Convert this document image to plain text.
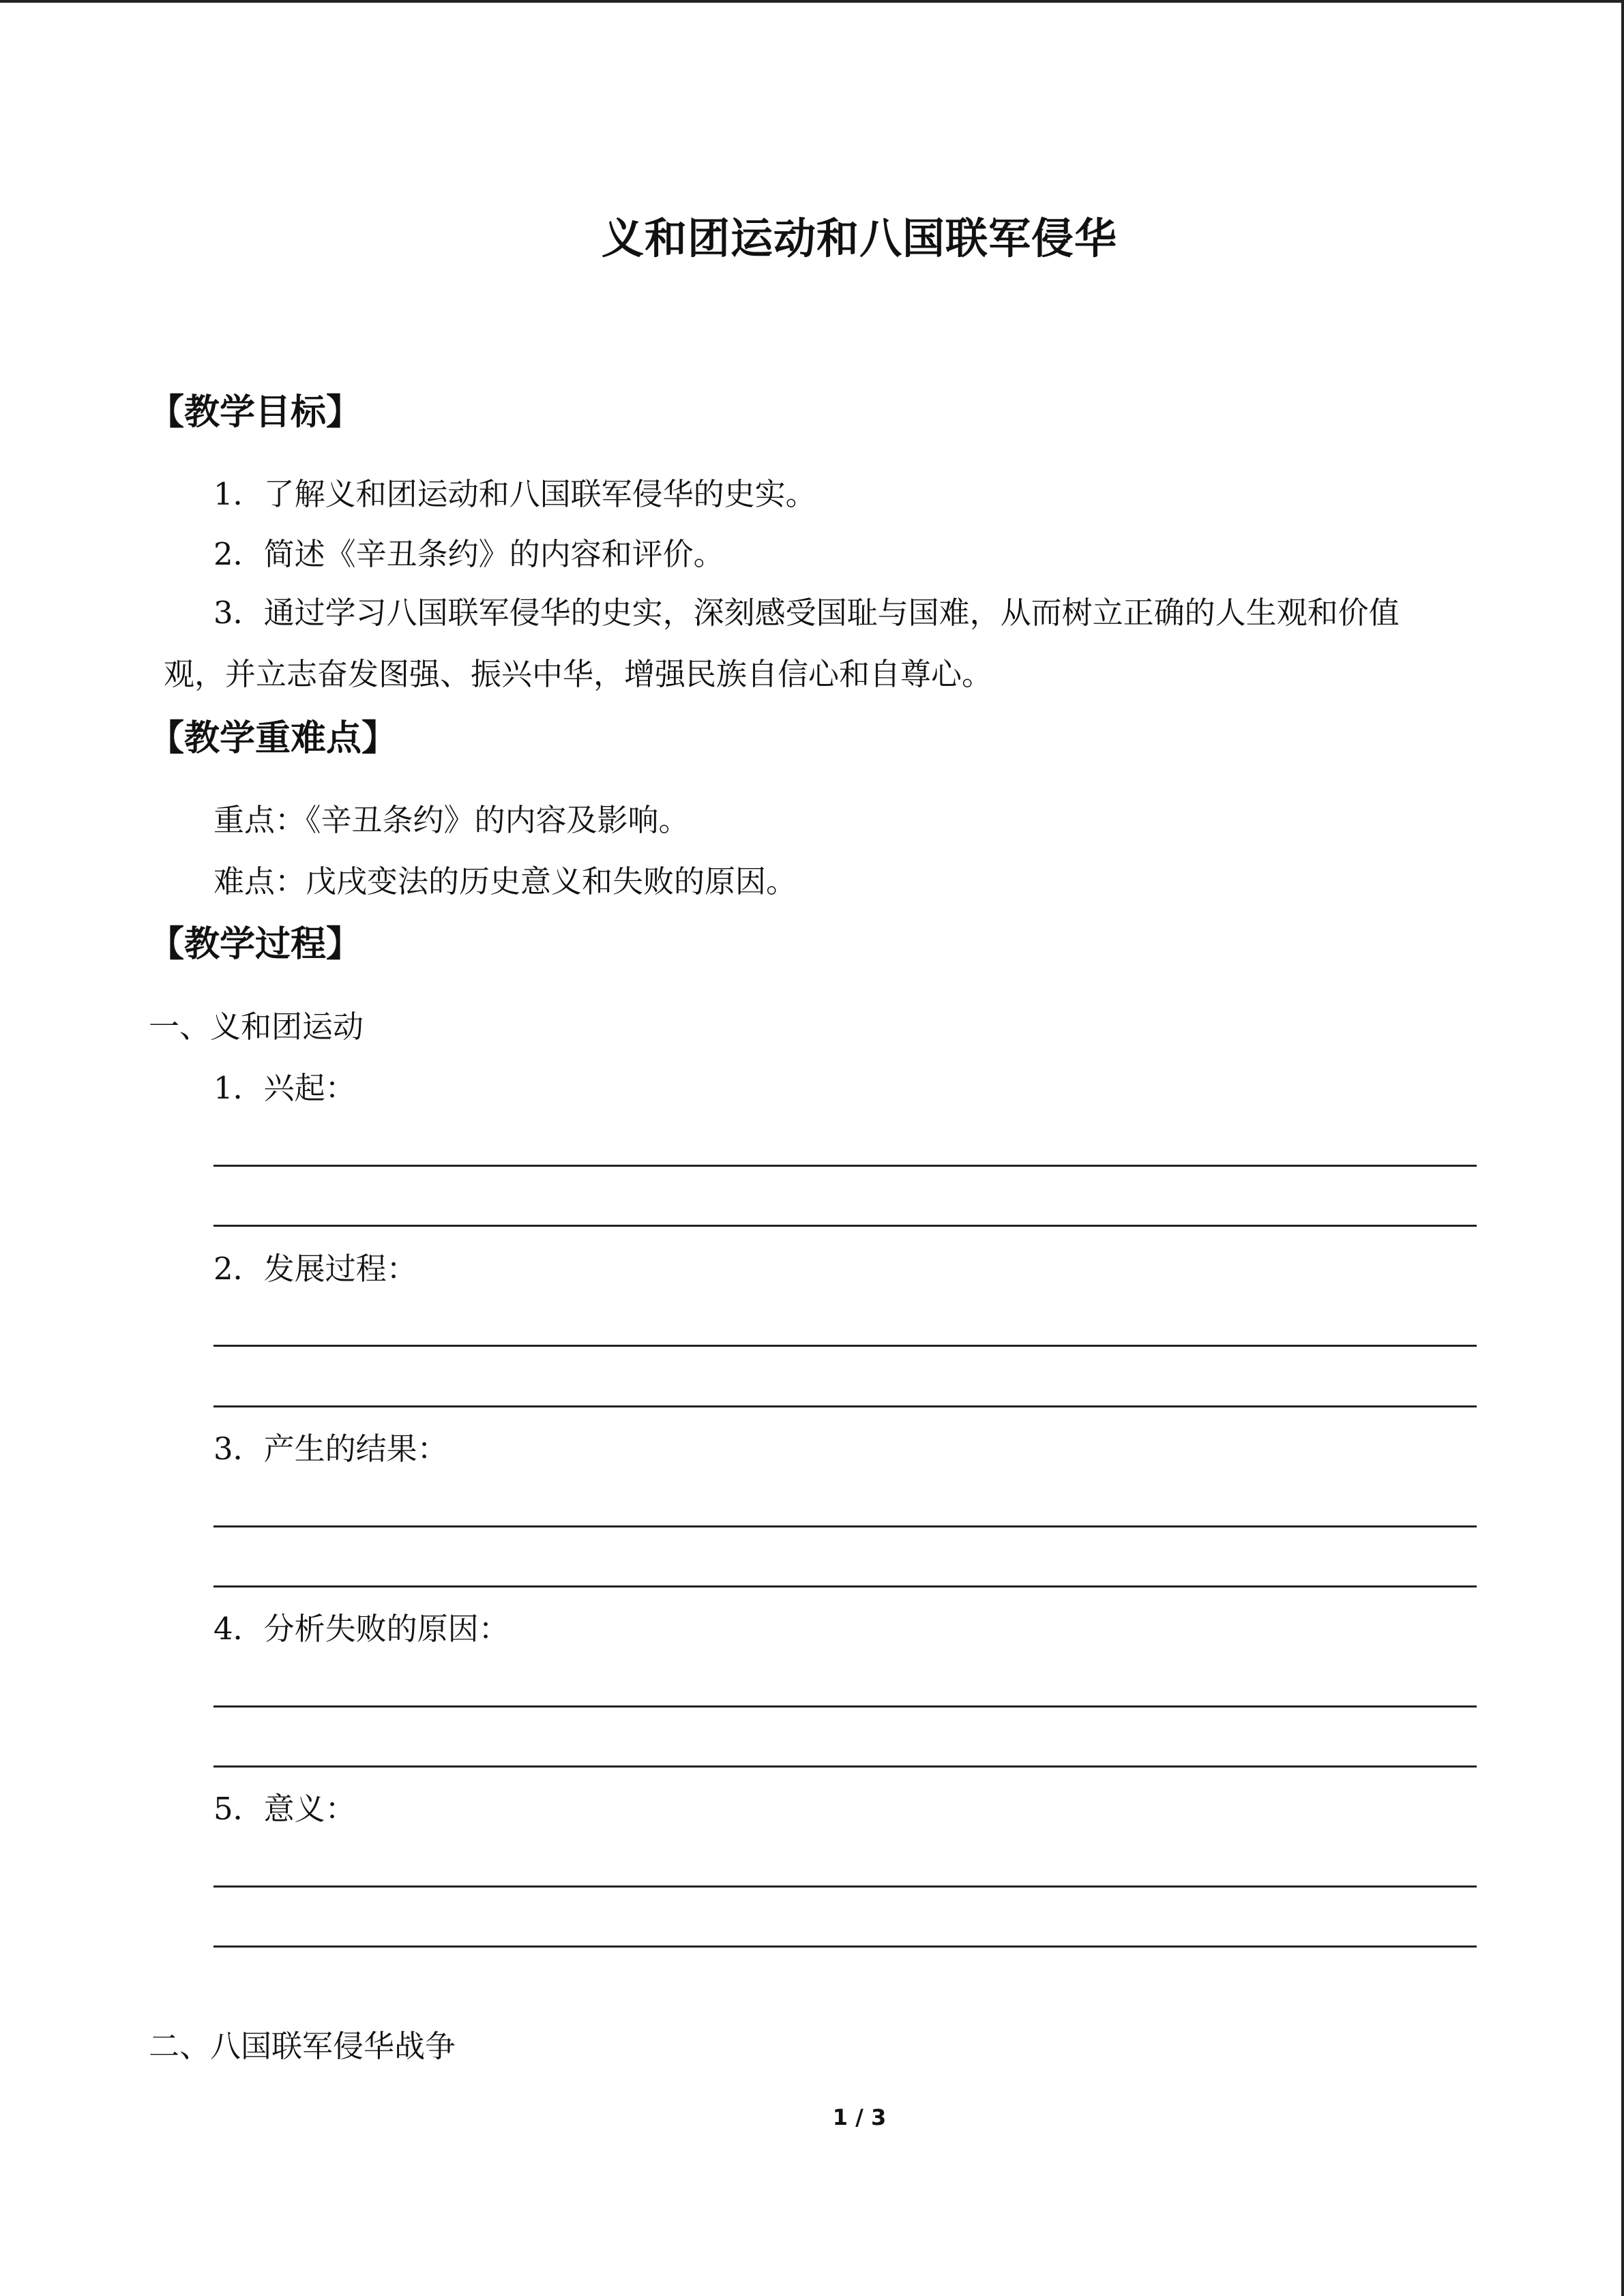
义和团运动和八国联军侵华
【教学目标】
1．了解义和团运动和八国联军侵华的史实。
2．简述《辛丑条约》的内容和评价。
3．通过学习八国联军侵华的史实，深刻感受国耻与国难，从而树立正确的人生观和价值
观，并立志奋发图强、振兴中华，增强民族自信心和自尊心。
【教学重难点】
重点：《辛丑条约》的内容及影响。
难点：戊戌变法的历史意义和失败的原因。
【教学过程】
一、义和团运动
1．兴起：
2．发展过程：
3．产生的结果：
4．分析失败的原因：
5．意义：
二、八国联军侵华战争
1 / 3
